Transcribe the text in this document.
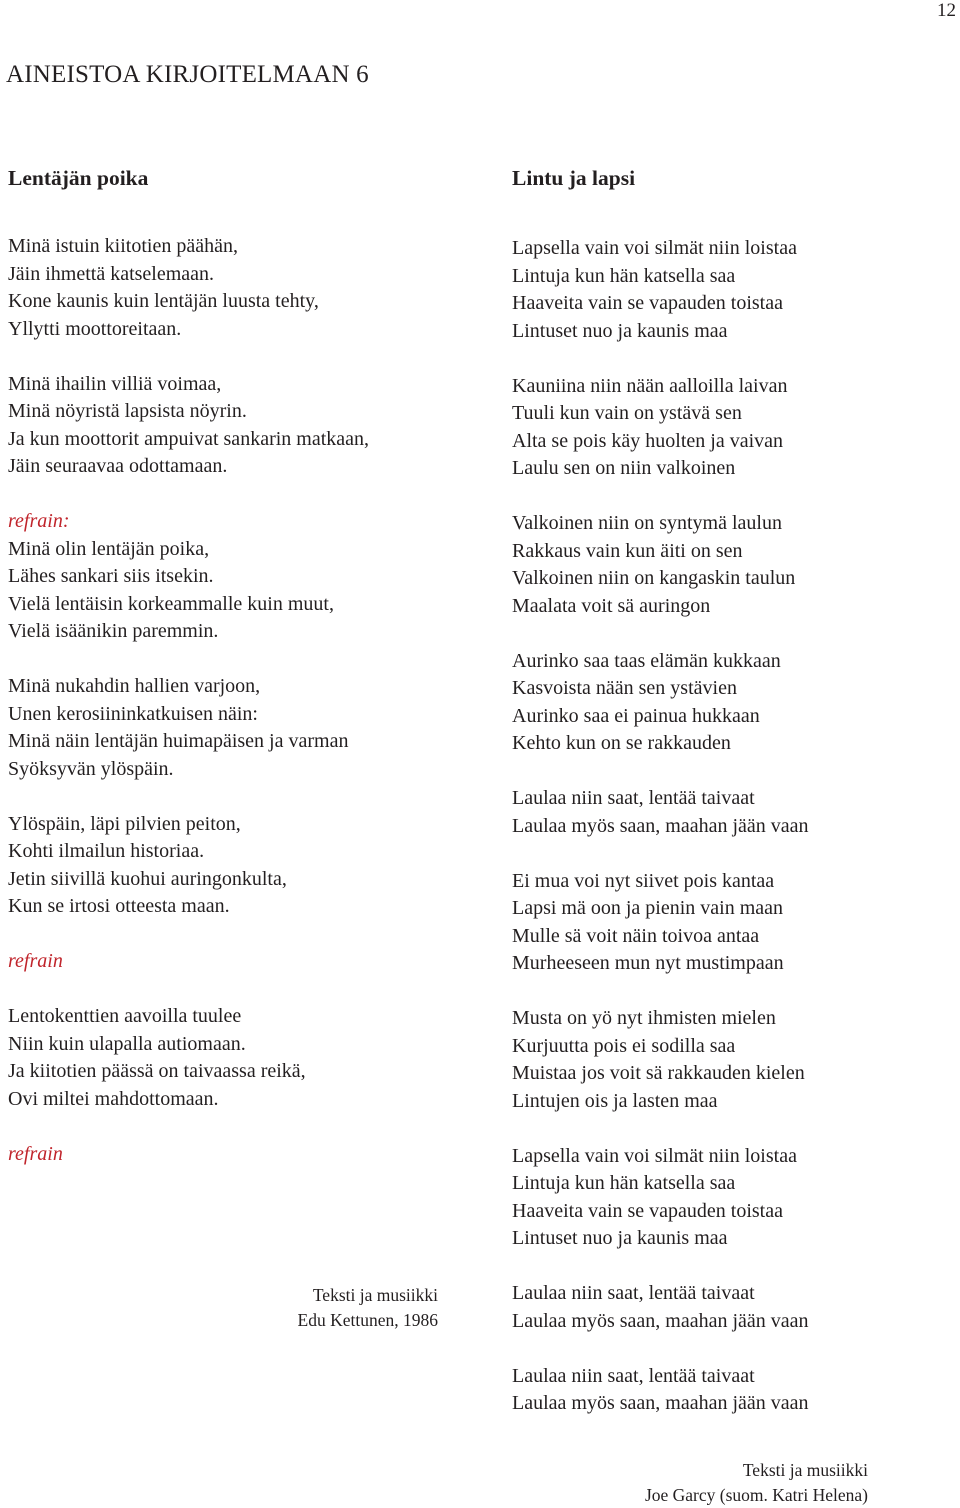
12
AINEISTOA KIRJOITELMAAN 6
Lentäjän poika
Minä istuin kiitotien päähän,
Jäin ihmettä katselemaan.
Kone kaunis kuin lentäjän luusta tehty,
Yllytti moottoreitaan.
Minä ihailin villiä voimaa,
Minä nöyristä lapsista nöyrin.
Ja kun moottorit ampuivat sankarin matkaan,
Jäin seuraavaa odottamaan.
refrain:
Minä olin lentäjän poika,
Lähes sankari siis itsekin.
Vielä lentäisin korkeammalle kuin muut,
Vielä isäänikin paremmin.
Minä nukahdin hallien varjoon,
Unen kerosiininkatkuisen näin:
Minä näin lentäjän huimapäisen ja varman
Syöksyvän ylöspäin.
Ylöspäin, läpi pilvien peiton,
Kohti ilmailun historiaa.
Jetin siivillä kuohui auringonkulta,
Kun se irtosi otteesta maan.
refrain
Lentokenttien aavoilla tuulee
Niin kuin ulapalla autiomaan.
Ja kiitotien päässä on taivaassa reikä,
Ovi miltei mahdottomaan.
refrain
Lintu ja lapsi
Lapsella vain voi silmät niin loistaa
Lintuja kun hän katsella saa
Haaveita vain se vapauden toistaa
Lintuset nuo ja kaunis maa
Kauniina niin nään aalloilla laivan
Tuuli kun vain on ystävä sen
Alta se pois käy huolten ja vaivan
Laulu sen on niin valkoinen
Valkoinen niin on syntymä laulun
Rakkaus vain kun äiti on sen
Valkoinen niin on kangaskin taulun
Maalata voit sä auringon
Aurinko saa taas elämän kukkaan
Kasvoista nään sen ystävien
Aurinko saa ei painua hukkaan
Kehto kun on se rakkauden
Laulaa niin saat, lentää taivaat
Laulaa myös saan, maahan jään vaan
Ei mua voi nyt siivet pois kantaa
Lapsi mä oon ja pienin vain maan
Mulle sä voit näin toivoa antaa
Murheeseen mun nyt mustimpaan
Musta on yö nyt ihmisten mielen
Kurjuutta pois ei sodilla saa
Muistaa jos voit sä rakkauden kielen
Lintujen ois ja lasten maa
Lapsella vain voi silmät niin loistaa
Lintuja kun hän katsella saa
Haaveita vain se vapauden toistaa
Lintuset nuo ja kaunis maa
Laulaa niin saat, lentää taivaat
Laulaa myös saan, maahan jään vaan
Laulaa niin saat, lentää taivaat
Laulaa myös saan, maahan jään vaan
Teksti ja musiikki
Edu Kettunen, 1986
Teksti ja musiikki
Joe Garcy (suom. Katri Helena)
